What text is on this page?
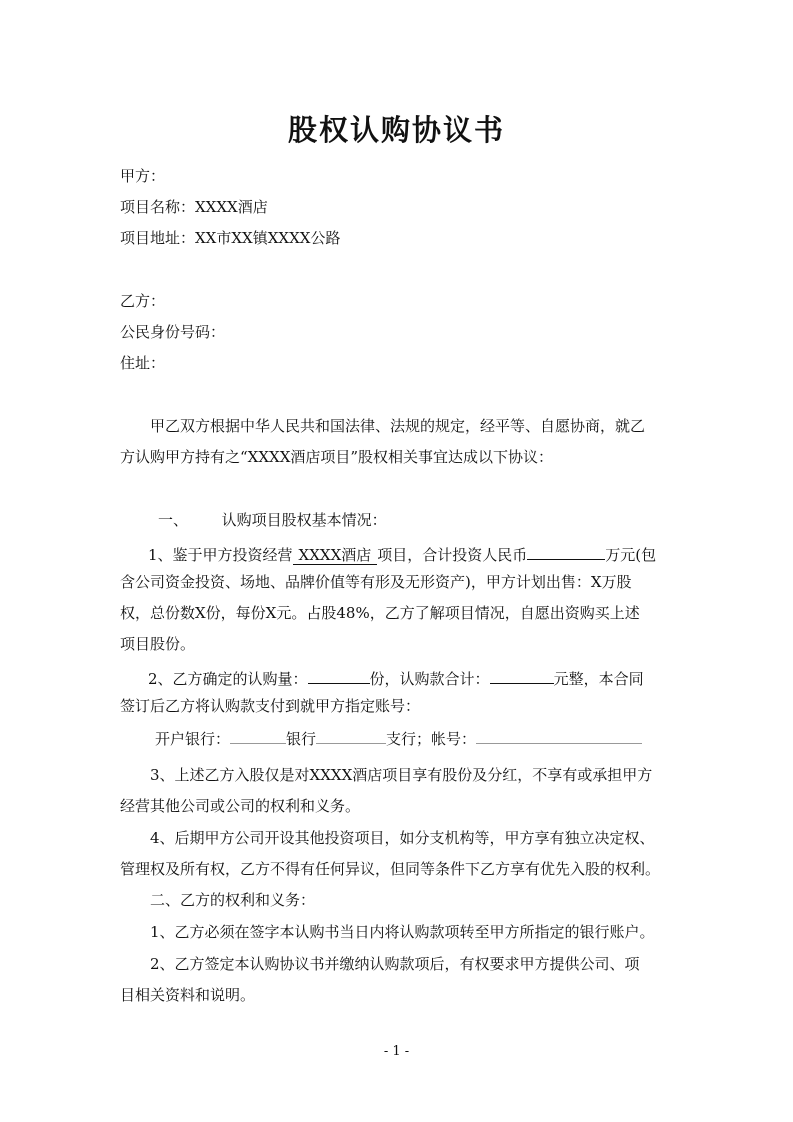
股权认购协议书
甲方：
项目名称：XXXX酒店
项目地址：XX市XX镇XXXX公路
乙方：
公民身份号码：
住址：
甲乙双方根据中华人民共和国法律、法规的规定，经平等、自愿协商，就乙
方认购甲方持有之“XXXX酒店项目”股权相关事宜达成以下协议：
一、 认购项目股权基本情况：
1、鉴于甲方投资经营 XXXX酒店 项目，合计投资人民币	万元(包
含公司资金投资、场地、品牌价值等有形及无形资产)，甲方计划出售：X万股
权，总份数X份，每份X元。占股48%，乙方了解项目情况，自愿出资购买上述
项目股份。
2、乙方确定的认购量：	份，认购款合计：	元整，本合同
签订后乙方将认购款支付到就甲方指定账号：
开户银行：	银行	支行；帐号：
3、上述乙方入股仅是对XXXX酒店项目享有股份及分红，不享有或承担甲方
经营其他公司或公司的权利和义务。
4、后期甲方公司开设其他投资项目，如分支机构等，甲方享有独立决定权、
管理权及所有权，乙方不得有任何异议，但同等条件下乙方享有优先入股的权利。
二、乙方的权利和义务：
1、乙方必须在签字本认购书当日内将认购款项转至甲方所指定的银行账户。
2、乙方签定本认购协议书并缴纳认购款项后，有权要求甲方提供公司、项
目相关资料和说明。
- 1 -
